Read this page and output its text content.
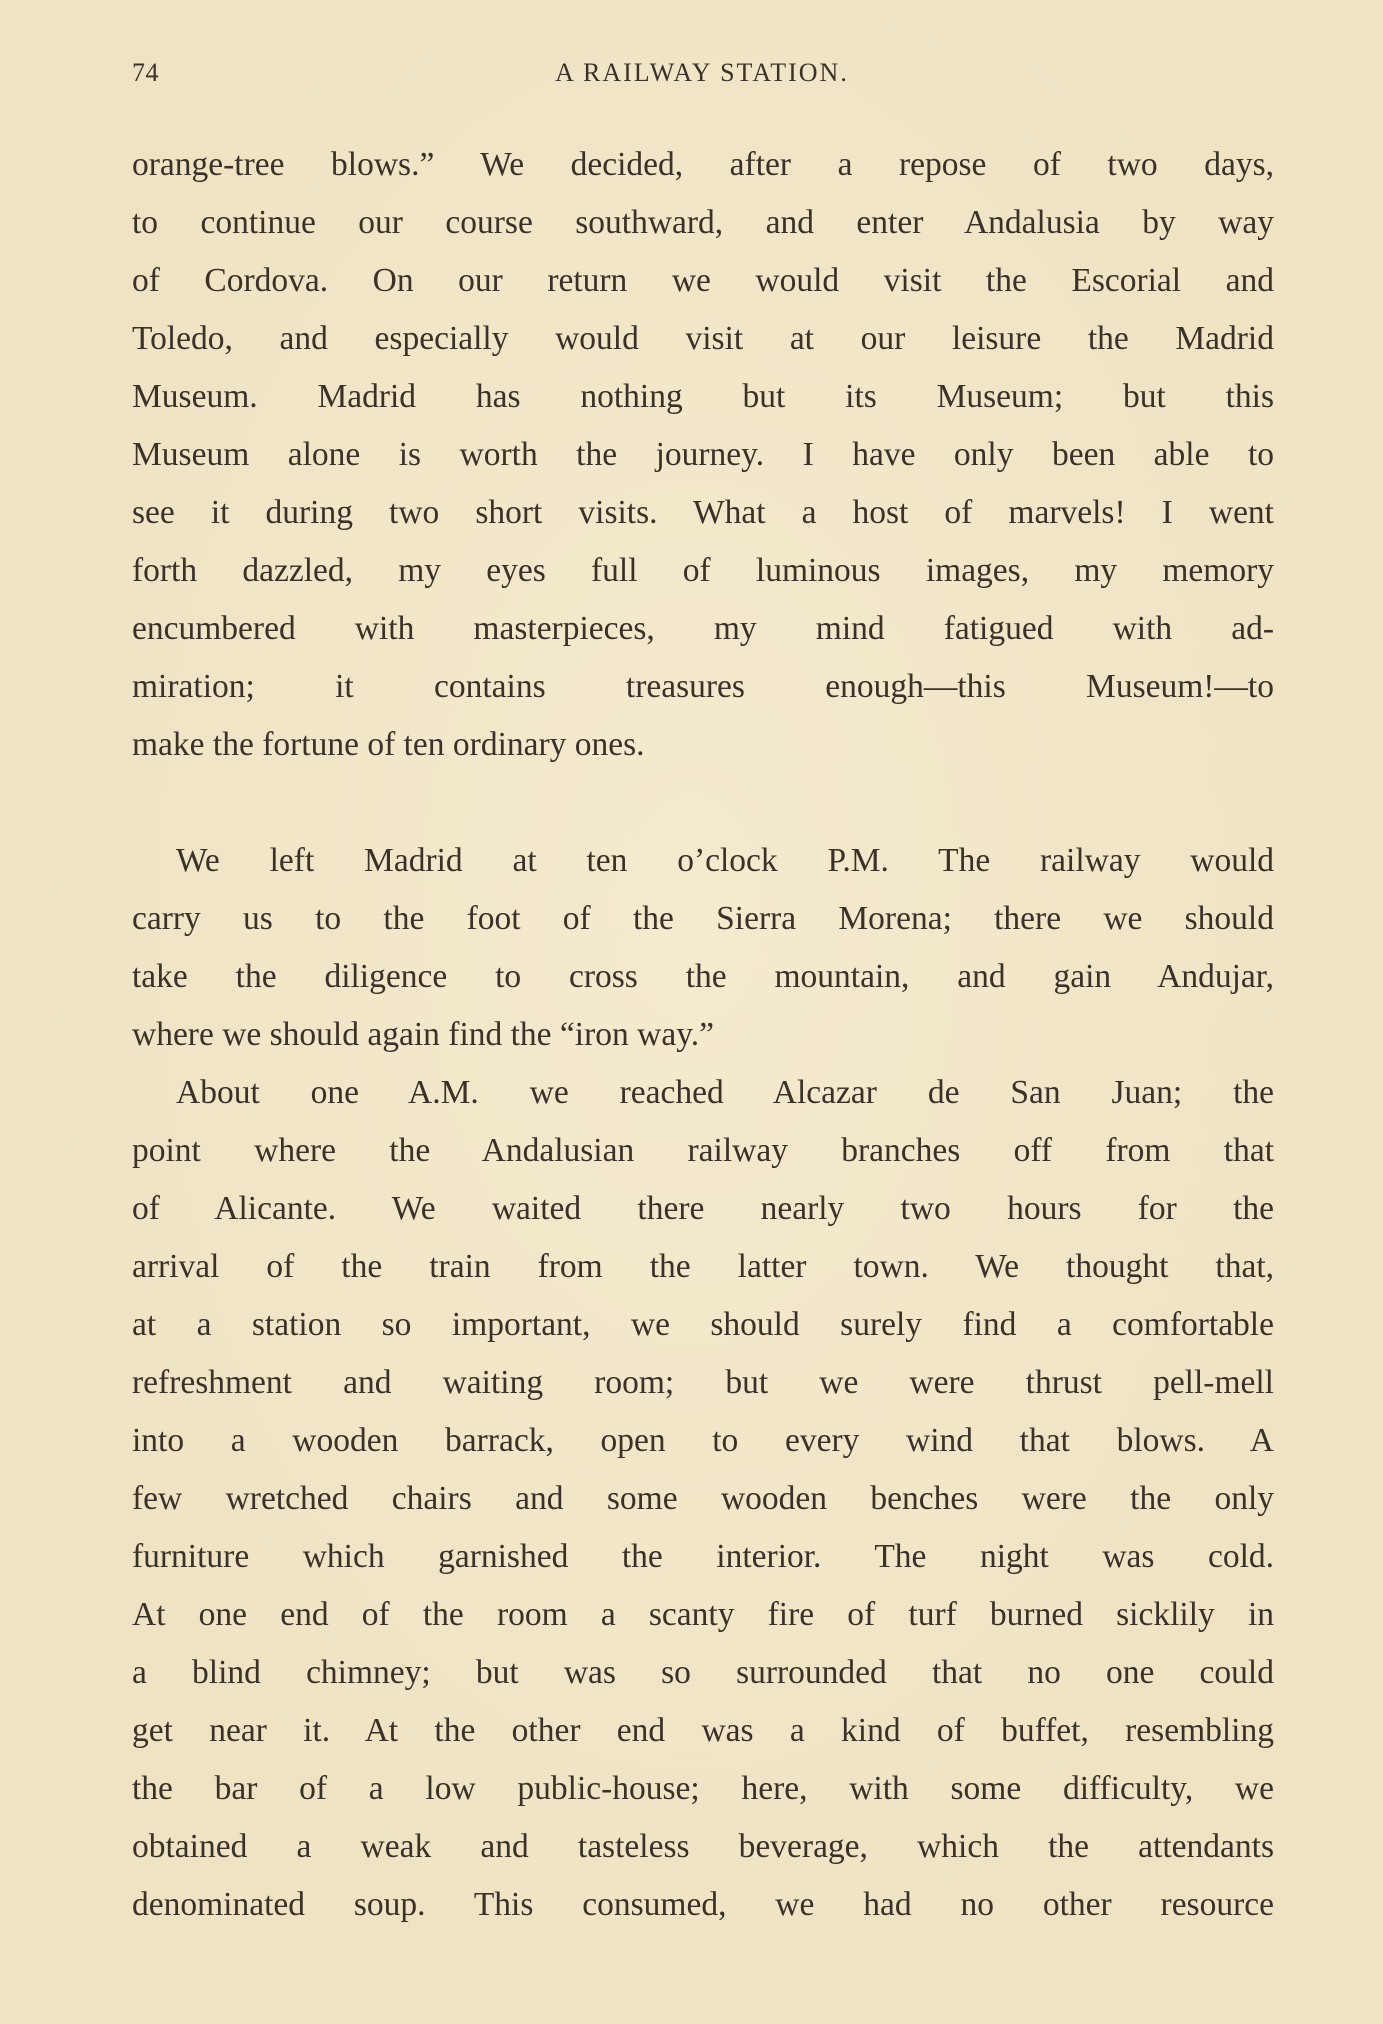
74	A RAILWAY STATION.
orange-tree blows.” We decided, after a repose of two days,
to continue our course southward, and enter Andalusia by way
of Cordova. On our return we would visit the Escorial and
Toledo, and especially would visit at our leisure the Madrid
Museum. Madrid has nothing but its Museum; but this
Museum alone is worth the journey. I have only been able to
see it during two short visits. What a host of marvels! I went
forth dazzled, my eyes full of luminous images, my memory
encumbered with masterpieces, my mind fatigued with ad-
miration; it contains treasures enough—this Museum!—to
make the fortune of ten ordinary ones.
We left Madrid at ten o’clock P.M. The railway would
carry us to the foot of the Sierra Morena; there we should
take the diligence to cross the mountain, and gain Andujar,
where we should again find the “iron way.”
About one A.M. we reached Alcazar de San Juan; the
point where the Andalusian railway branches off from that
of Alicante. We waited there nearly two hours for the
arrival of the train from the latter town. We thought that,
at a station so important, we should surely find a comfortable
refreshment and waiting room; but we were thrust pell-mell
into a wooden barrack, open to every wind that blows. A
few wretched chairs and some wooden benches were the only
furniture which garnished the interior. The night was cold.
At one end of the room a scanty fire of turf burned sicklily in
a blind chimney; but was so surrounded that no one could
get near it. At the other end was a kind of buffet, resembling
the bar of a low public-house; here, with some difficulty, we
obtained a weak and tasteless beverage, which the attendants
denominated soup. This consumed, we had no other resource
